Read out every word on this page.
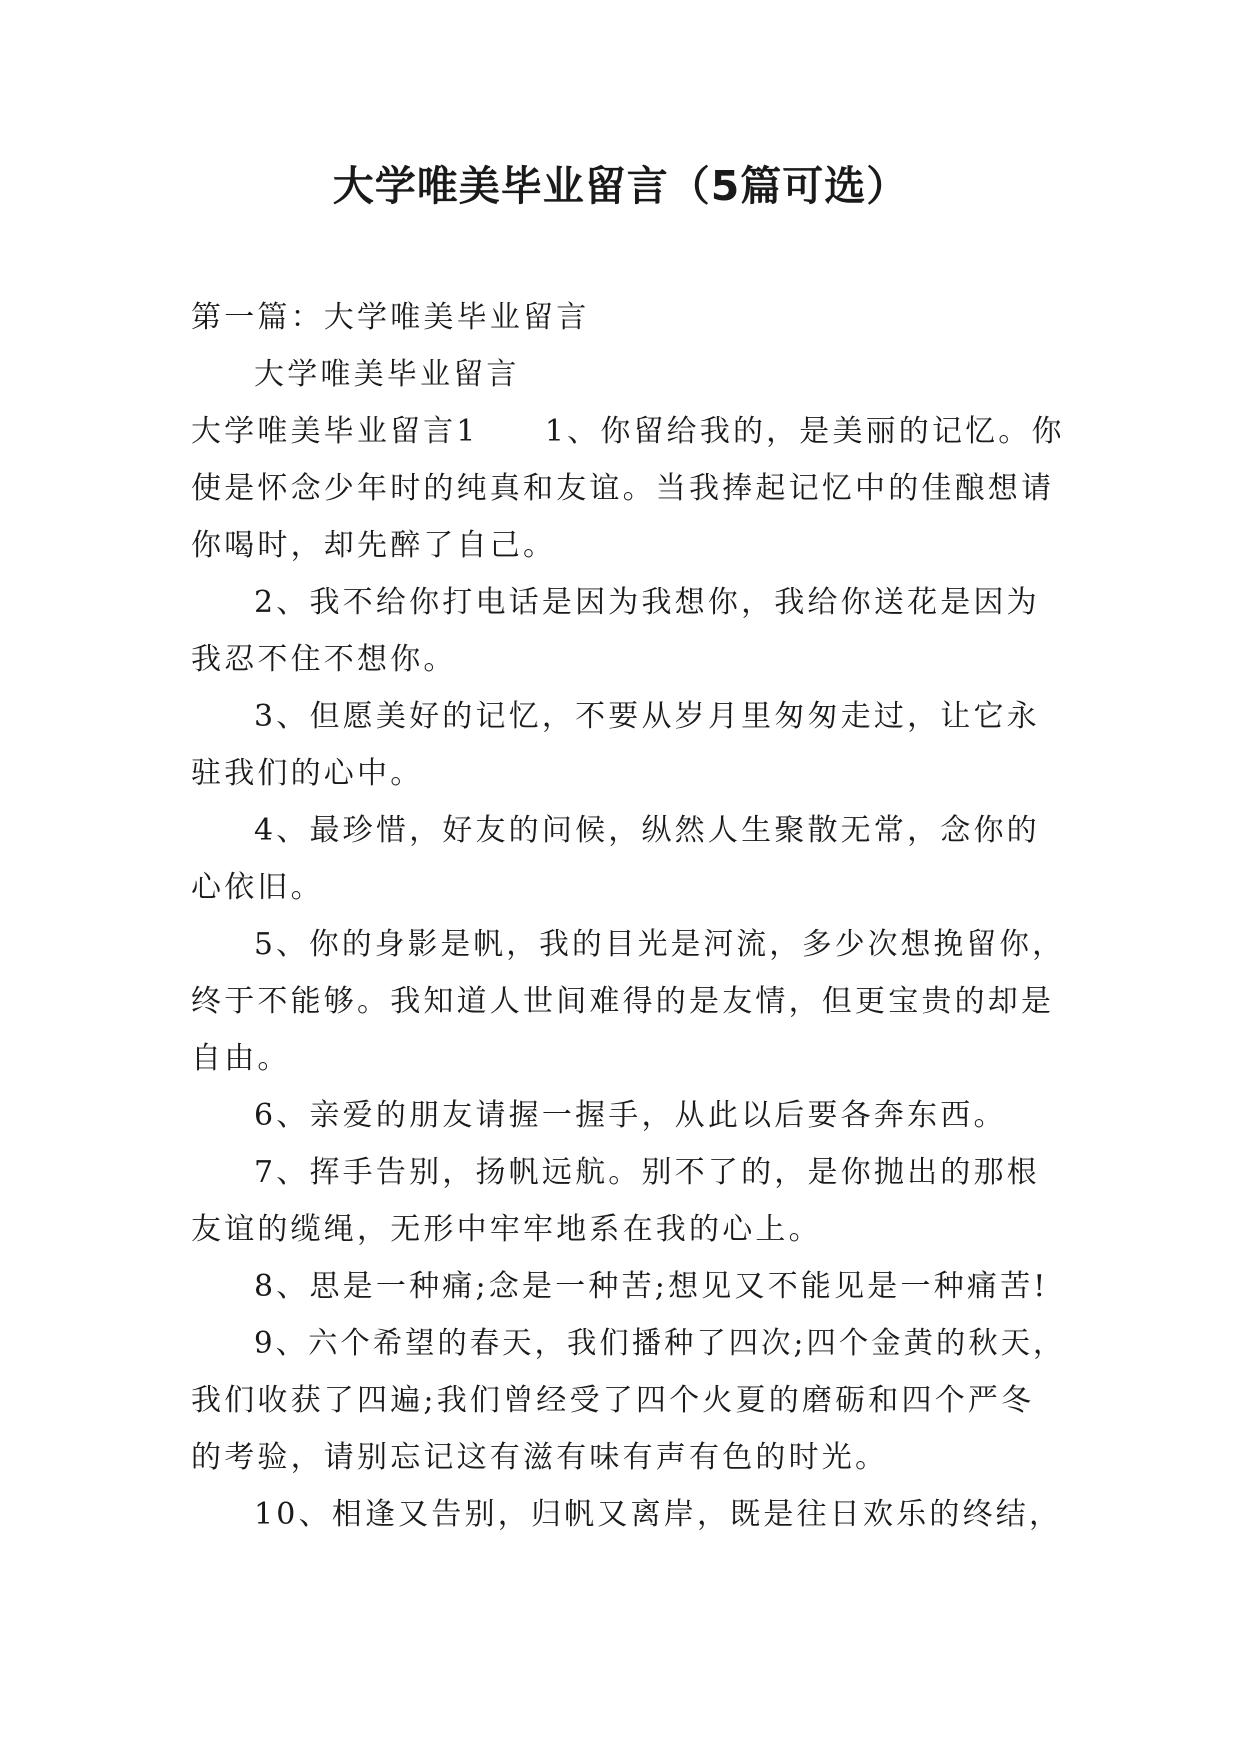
大学唯美毕业留言（5篇可选）

第一篇：大学唯美毕业留言

大学唯美毕业留言

大学唯美毕业留言1　　1、你留给我的，是美丽的记忆。你

使是怀念少年时的纯真和友谊。当我捧起记忆中的佳酿想请

你喝时，却先醉了自己。

2、我不给你打电话是因为我想你，我给你送花是因为

我忍不住不想你。

3、但愿美好的记忆，不要从岁月里匆匆走过，让它永

驻我们的心中。

4、最珍惜，好友的问候，纵然人生聚散无常，念你的

心依旧。

5、你的身影是帆，我的目光是河流，多少次想挽留你，

终于不能够。我知道人世间难得的是友情，但更宝贵的却是

自由。

6、亲爱的朋友请握一握手，从此以后要各奔东西。

7、挥手告别，扬帆远航。别不了的，是你抛出的那根

友谊的缆绳，无形中牢牢地系在我的心上。

8、思是一种痛;念是一种苦;想见又不能见是一种痛苦!

9、六个希望的春天，我们播种了四次;四个金黄的秋天，

我们收获了四遍;我们曾经受了四个火夏的磨砺和四个严冬

的考验，请别忘记这有滋有味有声有色的时光。

10、相逢又告别，归帆又离岸，既是往日欢乐的终结，
